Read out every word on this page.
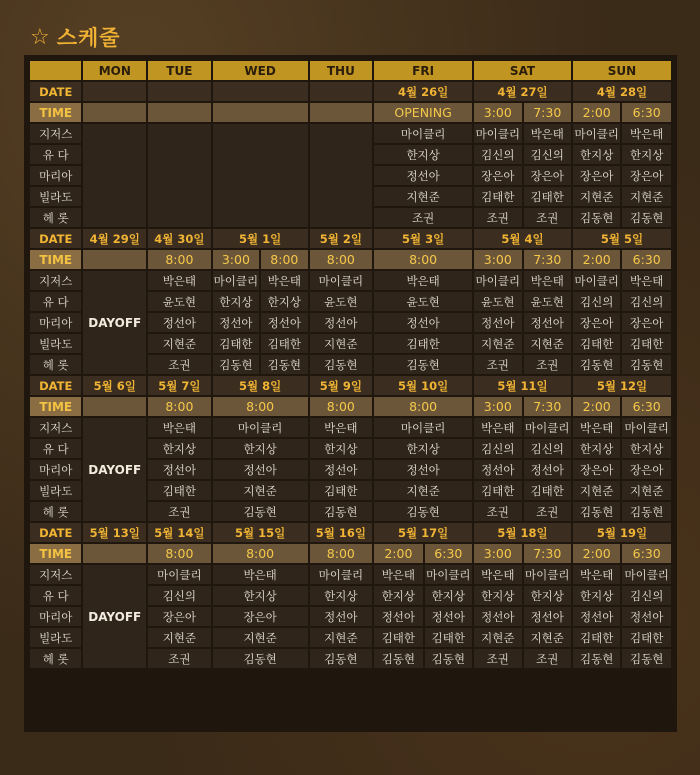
☆ 스케줄
	MON	TUE	WED		THU	FRI		SAT		SUN	
DATE						4월 26일		4월 27일		4월 28일	
TIME						OPENING		3:00	7:30	2:00	6:30
지저스						마이클리		마이클리	박은태	마이클리	박은태
유 다						한지상		김신의	김신의	한지상	한지상
마리아						정선아		장은아	장은아	장은아	장은아
빌라도						지현준		김태한	김태한	지현준	지현준
헤 롯						조권		조권	조권	김동현	김동현
DATE	4월 29일	4월 30일	5월 1일		5월 2일	5월 3일		5월 4일		5월 5일	
TIME		8:00	3:00	8:00	8:00	8:00		3:00	7:30	2:00	6:30
지저스	DAYOFF	박은태	마이클리	박은태	마이클리	박은태		마이클리	박은태	마이클리	박은태
유 다		윤도현	한지상	한지상	윤도현	윤도현		윤도현	윤도현	김신의	김신의
마리아		정선아	정선아	정선아	정선아	정선아		정선아	정선아	장은아	장은아
빌라도		지현준	김태한	김태한	지현준	김태한		지현준	지현준	김태한	김태한
헤 롯		조권	김동현	김동현	김동현	김동현		조권	조권	김동현	김동현
DATE	5월 6일	5월 7일	5월 8일		5월 9일	5월 10일		5월 11일		5월 12일	
TIME		8:00	8:00		8:00	8:00		3:00	7:30	2:00	6:30
지저스	DAYOFF	박은태	마이클리		박은태	마이클리		박은태	마이클리	박은태	마이클리
유 다		한지상	한지상		한지상	한지상		김신의	김신의	한지상	한지상
마리아		정선아	정선아		정선아	정선아		정선아	정선아	장은아	장은아
빌라도		김태한	지현준		김태한	지현준		김태한	김태한	지현준	지현준
헤 롯		조권	김동현		김동현	김동현		조권	조권	김동현	김동현
DATE	5월 13일	5월 14일	5월 15일		5월 16일	5월 17일		5월 18일		5월 19일	
TIME		8:00	8:00		8:00	2:00	6:30	3:00	7:30	2:00	6:30
지저스	DAYOFF	마이클리	박은태		마이클리	박은태	마이클리	박은태	마이클리	박은태	마이클리
유 다		김신의	한지상		한지상	한지상	한지상	한지상	한지상	한지상	김신의
마리아		장은아	장은아		정선아	정선아	정선아	정선아	정선아	정선아	정선아
빌라도		지현준	지현준		지현준	김태한	김태한	지현준	지현준	김태한	김태한
헤 롯		조권	김동현		김동현	김동현	김동현	조권	조권	김동현	김동현
